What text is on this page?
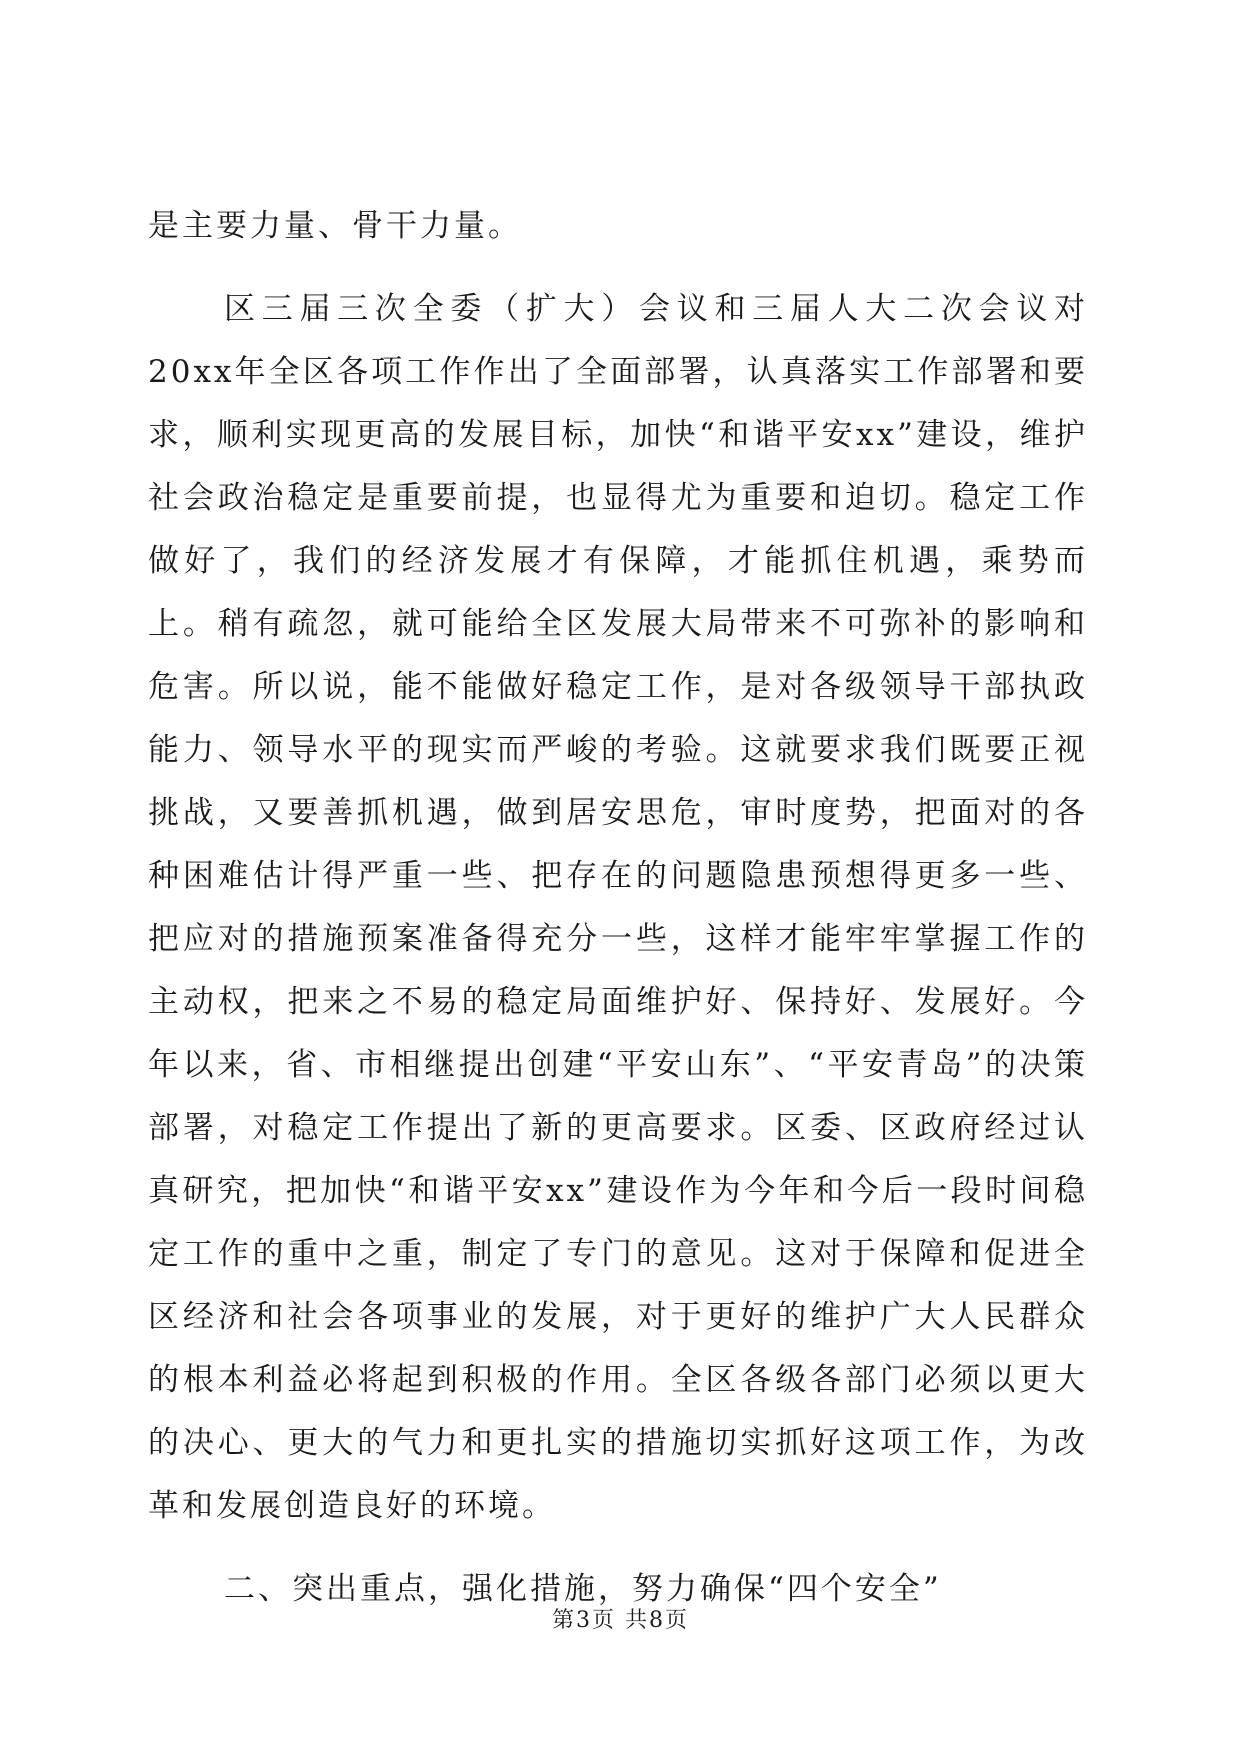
是主要力量、骨干力量。

区三届三次全委（扩大）会议和三届人大二次会议对20xx年全区各项工作作出了全面部署，认真落实工作部署和要求，顺利实现更高的发展目标，加快“和谐平安xx”建设，维护社会政治稳定是重要前提，也显得尤为重要和迫切。稳定工作做好了，我们的经济发展才有保障，才能抓住机遇，乘势而上。稍有疏忽，就可能给全区发展大局带来不可弥补的影响和危害。所以说，能不能做好稳定工作，是对各级领导干部执政能力、领导水平的现实而严峻的考验。这就要求我们既要正视挑战，又要善抓机遇，做到居安思危，审时度势，把面对的各种困难估计得严重一些、把存在的问题隐患预想得更多一些、把应对的措施预案准备得充分一些，这样才能牢牢掌握工作的主动权，把来之不易的稳定局面维护好、保持好、发展好。今年以来，省、市相继提出创建“平安山东”、“平安青岛”的决策部署，对稳定工作提出了新的更高要求。区委、区政府经过认真研究，把加快“和谐平安xx”建设作为今年和今后一段时间稳定工作的重中之重，制定了专门的意见。这对于保障和促进全区经济和社会各项事业的发展，对于更好的维护广大人民群众的根本利益必将起到积极的作用。全区各级各部门必须以更大的决心、更大的气力和更扎实的措施切实抓好这项工作，为改革和发展创造良好的环境。

二、突出重点，强化措施，努力确保“四个安全”

第3页 共8页
